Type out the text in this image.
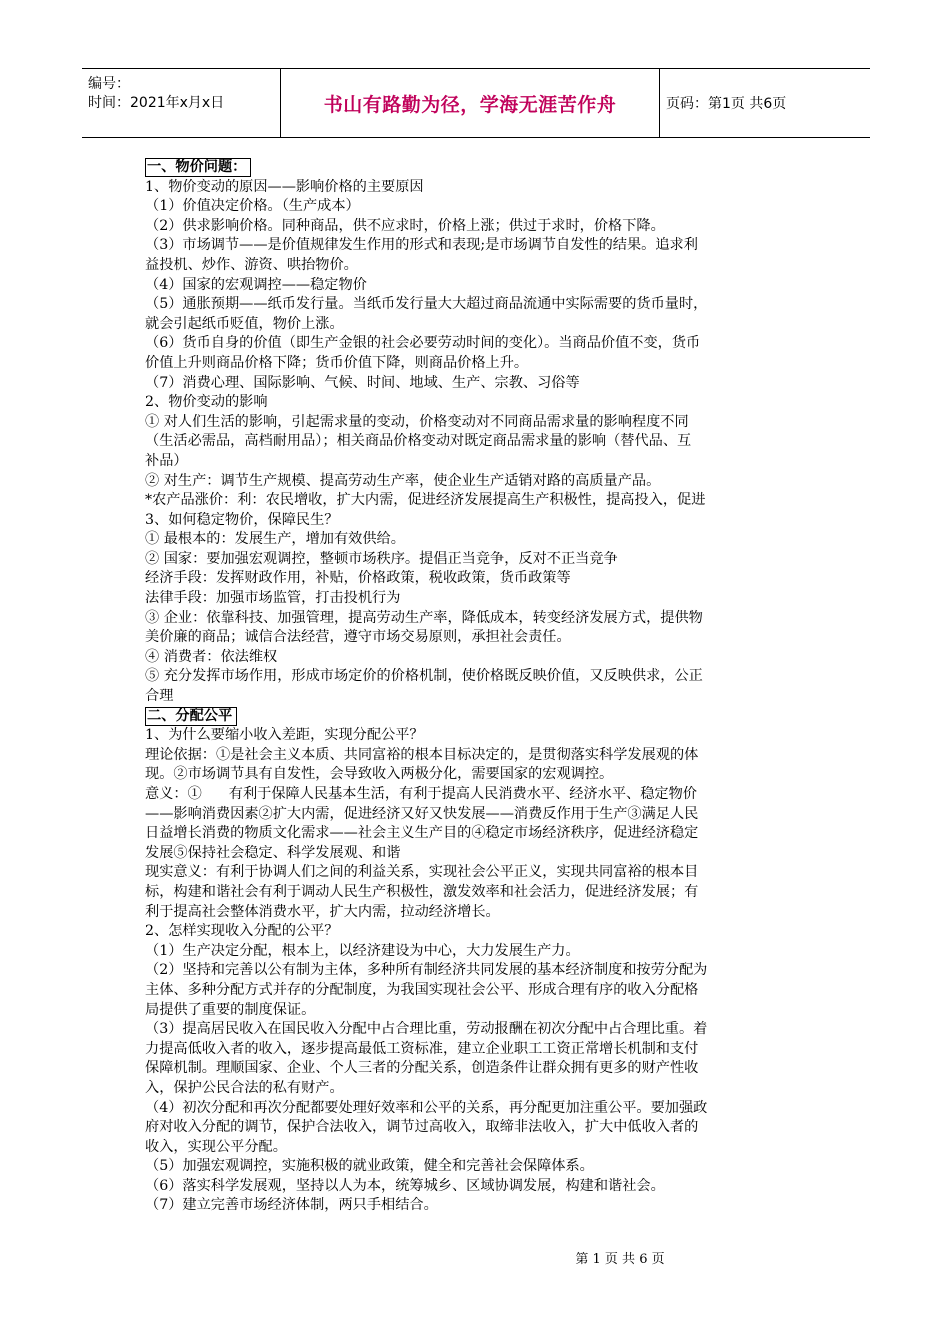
编号：
时间：2021年x月x日	书山有路勤为径，学海无涯苦作舟	页码：第1页 共6页
一、物价问题：
1、物价变动的原因——影响价格的主要原因
（1）价值决定价格。（生产成本）
（2）供求影响价格。同种商品，供不应求时，价格上涨；供过于求时，价格下降。
（3）市场调节——是价值规律发生作用的形式和表现;是市场调节自发性的结果。追求利
益投机、炒作、游资、哄抬物价。
（4）国家的宏观调控——稳定物价
（5）通胀预期——纸币发行量。当纸币发行量大大超过商品流通中实际需要的货币量时，
就会引起纸币贬值，物价上涨。
（6）货币自身的价值（即生产金银的社会必要劳动时间的变化）。当商品价值不变，货币
价值上升则商品价格下降；货币价值下降，则商品价格上升。
（7）消费心理、国际影响、气候、时间、地域、生产、宗教、习俗等
2、物价变动的影响
① 对人们生活的影响，引起需求量的变动，价格变动对不同商品需求量的影响程度不同
（生活必需品，高档耐用品）；相关商品价格变动对既定商品需求量的影响（替代品、互
补品）
② 对生产：调节生产规模、提高劳动生产率，使企业生产适销对路的高质量产品。
*农产品涨价：利：农民增收，扩大内需，促进经济发展提高生产积极性，提高投入，促进
3、如何稳定物价，保障民生？
① 最根本的：发展生产，增加有效供给。
② 国家：要加强宏观调控，整顿市场秩序。提倡正当竞争，反对不正当竞争
经济手段：发挥财政作用，补贴，价格政策，税收政策，货币政策等
法律手段：加强市场监管，打击投机行为
③ 企业：依靠科技、加强管理，提高劳动生产率，降低成本，转变经济发展方式，提供物
美价廉的商品；诚信合法经营，遵守市场交易原则，承担社会责任。
④ 消费者：依法维权
⑤ 充分发挥市场作用，形成市场定价的价格机制，使价格既反映价值，又反映供求，公正
合理
二、分配公平
1、为什么要缩小收入差距，实现分配公平？
理论依据：①是社会主义本质、共同富裕的根本目标决定的，是贯彻落实科学发展观的体
现。②市场调节具有自发性，会导致收入两极分化，需要国家的宏观调控。
意义：①      有利于保障人民基本生活，有利于提高人民消费水平、经济水平、稳定物价
——影响消费因素②扩大内需，促进经济又好又快发展——消费反作用于生产③满足人民
日益增长消费的物质文化需求——社会主义生产目的④稳定市场经济秩序，促进经济稳定
发展⑤保持社会稳定、科学发展观、和谐
现实意义：有利于协调人们之间的利益关系，实现社会公平正义，实现共同富裕的根本目
标，构建和谐社会有利于调动人民生产积极性，激发效率和社会活力，促进经济发展；有
利于提高社会整体消费水平，扩大内需，拉动经济增长。
2、怎样实现收入分配的公平？
（1）生产决定分配，根本上，以经济建设为中心，大力发展生产力。
（2）坚持和完善以公有制为主体，多种所有制经济共同发展的基本经济制度和按劳分配为
主体、多种分配方式并存的分配制度，为我国实现社会公平、形成合理有序的收入分配格
局提供了重要的制度保证。
（3）提高居民收入在国民收入分配中占合理比重，劳动报酬在初次分配中占合理比重。着
力提高低收入者的收入，逐步提高最低工资标准，建立企业职工工资正常增长机制和支付
保障机制。理顺国家、企业、个人三者的分配关系，创造条件让群众拥有更多的财产性收
入，保护公民合法的私有财产。
（4）初次分配和再次分配都要处理好效率和公平的关系，再分配更加注重公平。要加强政
府对收入分配的调节，保护合法收入，调节过高收入，取缔非法收入，扩大中低收入者的
收入，实现公平分配。
（5）加强宏观调控，实施积极的就业政策，健全和完善社会保障体系。
（6）落实科学发展观，坚持以人为本，统筹城乡、区域协调发展，构建和谐社会。
（7）建立完善市场经济体制，两只手相结合。
第 1 页 共 6 页
